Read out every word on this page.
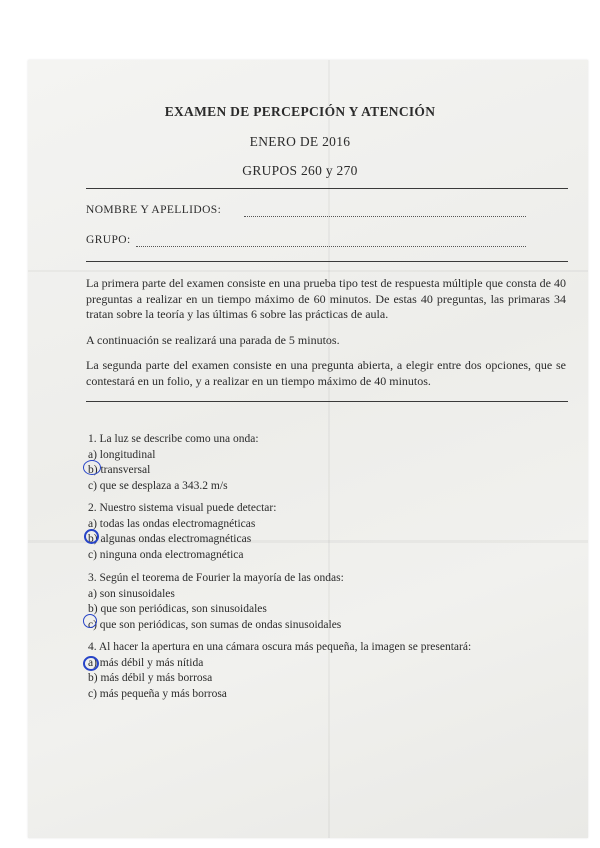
EXAMEN DE PERCEPCIÓN Y ATENCIÓN
ENERO DE 2016
GRUPOS 260 y 270
NOMBRE Y APELLIDOS:
GRUPO:
La primera parte del examen consiste en una prueba tipo test de respuesta múltiple que consta de 40 preguntas a realizar en un tiempo máximo de 60 minutos. De estas 40 preguntas, las primaras 34 tratan sobre la teoría y las últimas 6 sobre las prácticas de aula.
A continuación se realizará una parada de 5 minutos.
La segunda parte del examen consiste en una pregunta abierta, a elegir entre dos opciones, que se contestará en un folio, y a realizar en un tiempo máximo de 40 minutos.
1. La luz se describe como una onda:
a) longitudinal
b) transversal
c) que se desplaza a 343.2 m/s
2. Nuestro sistema visual puede detectar:
a) todas las ondas electromagnéticas
b) algunas ondas electromagnéticas
c) ninguna onda electromagnética
3. Según el teorema de Fourier la mayoría de las ondas:
a) son sinusoidales
b) que son periódicas, son sinusoidales
c) que son periódicas, son sumas de ondas sinusoidales
4. Al hacer la apertura en una cámara oscura más pequeña, la imagen se presentará:
a) más débil y más nítida
b) más débil y más borrosa
c) más pequeña y más borrosa
